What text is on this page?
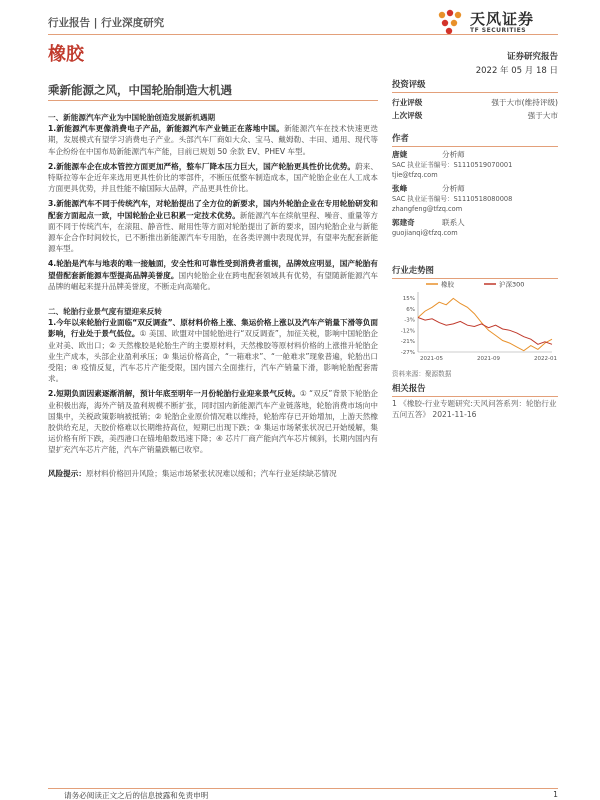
行业报告 | 行业深度研究	天风证券
TF SECURITIES
橡胶	证券研究报告
2022 年 05 月 18 日
乘新能源之风，中国轮胎制造大机遇
一、新能源汽车产业为中国轮胎创造发展新机遇期
1.新能源汽车更像消费电子产品，新能源汽车产业链正在落地中国。新能源汽车在技术快速更迭期，发展模式有望学习消费电子产业。头部汽车厂商如大众、宝马、戴姆勒、丰田、通用、现代等车企纷纷在中国布局新能源汽车产能，目前已规划 50 余款 EV、PHEV 车型。
2.新能源车企在成本管控方面更加严格，整车厂降本压力巨大，国产轮胎更具性价比优势。蔚来、特斯拉等车企近年来选用更具性价比的零部件，不断压低整车制造成本，国产轮胎企业在人工成本方面更具优势，并且性能不输国际大品牌，产品更具性价比。
3.新能源汽车不同于传统汽车，对轮胎提出了全方位的新要求，国内外轮胎企业在专用轮胎研发和配套方面起点一致，中国轮胎企业已积累一定技术优势。新能源汽车在续航里程、噪音、重量等方面不同于传统汽车，在滚阻、静音性、耐用性等方面对轮胎提出了新的要求，国内轮胎企业与新能源车企合作时间较长，已不断推出新能源汽车专用胎，在各类评测中表现优异，有望率先配套新能源车型。
4.轮胎是汽车与地表的唯一接触面，安全性和可靠性受到消费者重视，品牌效应明显，国产轮胎有望借配套新能源车型提高品牌美誉度。国内轮胎企业在跨电配套领域具有优势，有望随新能源汽车品牌的崛起来提升品牌美誉度，不断走向高端化。
二、轮胎行业景气度有望迎来反转
1.今年以来轮胎行业面临“双反调查”、原材料价格上涨、集运价格上涨以及汽车产销量下滑等负面影响，行业处于景气低位。① 美国、欧盟对中国轮胎进行“双反调查”，加征关税，影响中国轮胎企业对美、欧出口；② 天然橡胶是轮胎生产的主要原材料，天然橡胶等原材料价格的上涨推升轮胎企业生产成本，头部企业盈利承压；③ 集运价格高企，“一箱难求”、“一舱难求”现象普遍，轮胎出口受阻；④ 疫情反复，汽车芯片产能受限，国内国六全面推行，汽车产销量下滑，影响轮胎配套需求。
2.短期负面因素逐渐消解，预计年底至明年一月份轮胎行业迎来景气反转。① “双反”背景下轮胎企业积极出海，海外产销及盈利规模不断扩张，同时国内新能源汽车产业链落地，轮胎消费市场向中国集中，关税政策影响被抵销；② 轮胎企业原价情况难以维持，轮胎库存已开始增加，上游天然橡胶供给充足，天胶价格难以长期维持高位，短期已出现下跌；③ 集运市场紧张状况已开始缓解，集运价格有所下跌，美西港口在锚地船数迅速下降；④ 芯片厂商产能向汽车芯片倾斜，长期内国内有望扩充汽车芯片产能，汽车产销量跌幅已收窄。
风险提示：原材料价格回升风险；集运市场紧张状况难以缓和；汽车行业延续缺芯情况
投资评级
行业评级	强于大市(维持评级)
上次评级	强于大市
作者
唐婕	分析师
SAC 执业证书编号：S1110519070001
tjie@tfzq.com
张峰	分析师
SAC 执业证书编号：S1110518080008
zhangfeng@tfzq.com
郭建奇	联系人
guojianqi@tfzq.com
行业走势图
橡胶	沪深300
15%
6%
-3%
-12%
-21%
-27%
2021-05	2021-09	2022-01
资料来源：聚源数据
相关报告
1 《橡胶-行业专题研究:天风问答系列：轮胎行业五问五答》 2021-11-16
请务必阅读正文之后的信息披露和免责申明	1
